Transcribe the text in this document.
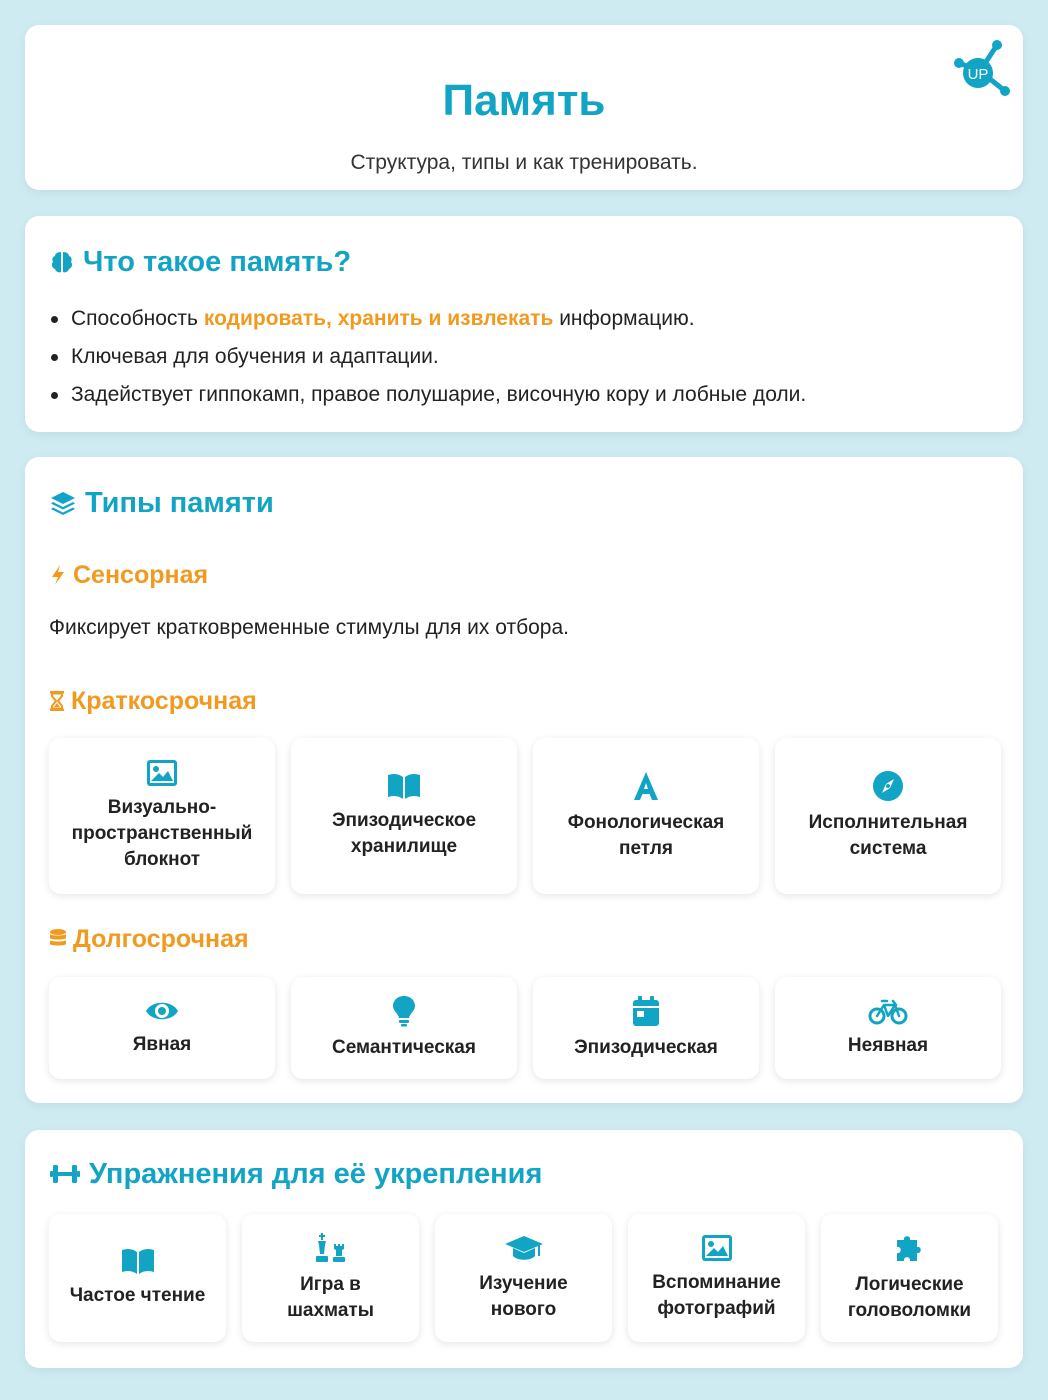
Память
Структура, типы и как тренировать.
UP
Что такое память?
Способность кодировать, хранить и извлекать информацию.
Ключевая для обучения и адаптации.
Задействует гиппокамп, правое полушарие, височную кору и лобные доли.
Типы памяти
Сенсорная
Фиксирует кратковременные стимулы для их отбора.
Краткосрочная
Визуально-пространственный блокнот
Эпизодическое хранилище
Фонологическая петля
Исполнительная система
Долгосрочная
Явная	Семантическая	Эпизодическая	Неявная
Упражнения для её укрепления
Частое чтение
Игра в шахматы
Изучение нового
Вспоминание фотографий
Логические головоломки
